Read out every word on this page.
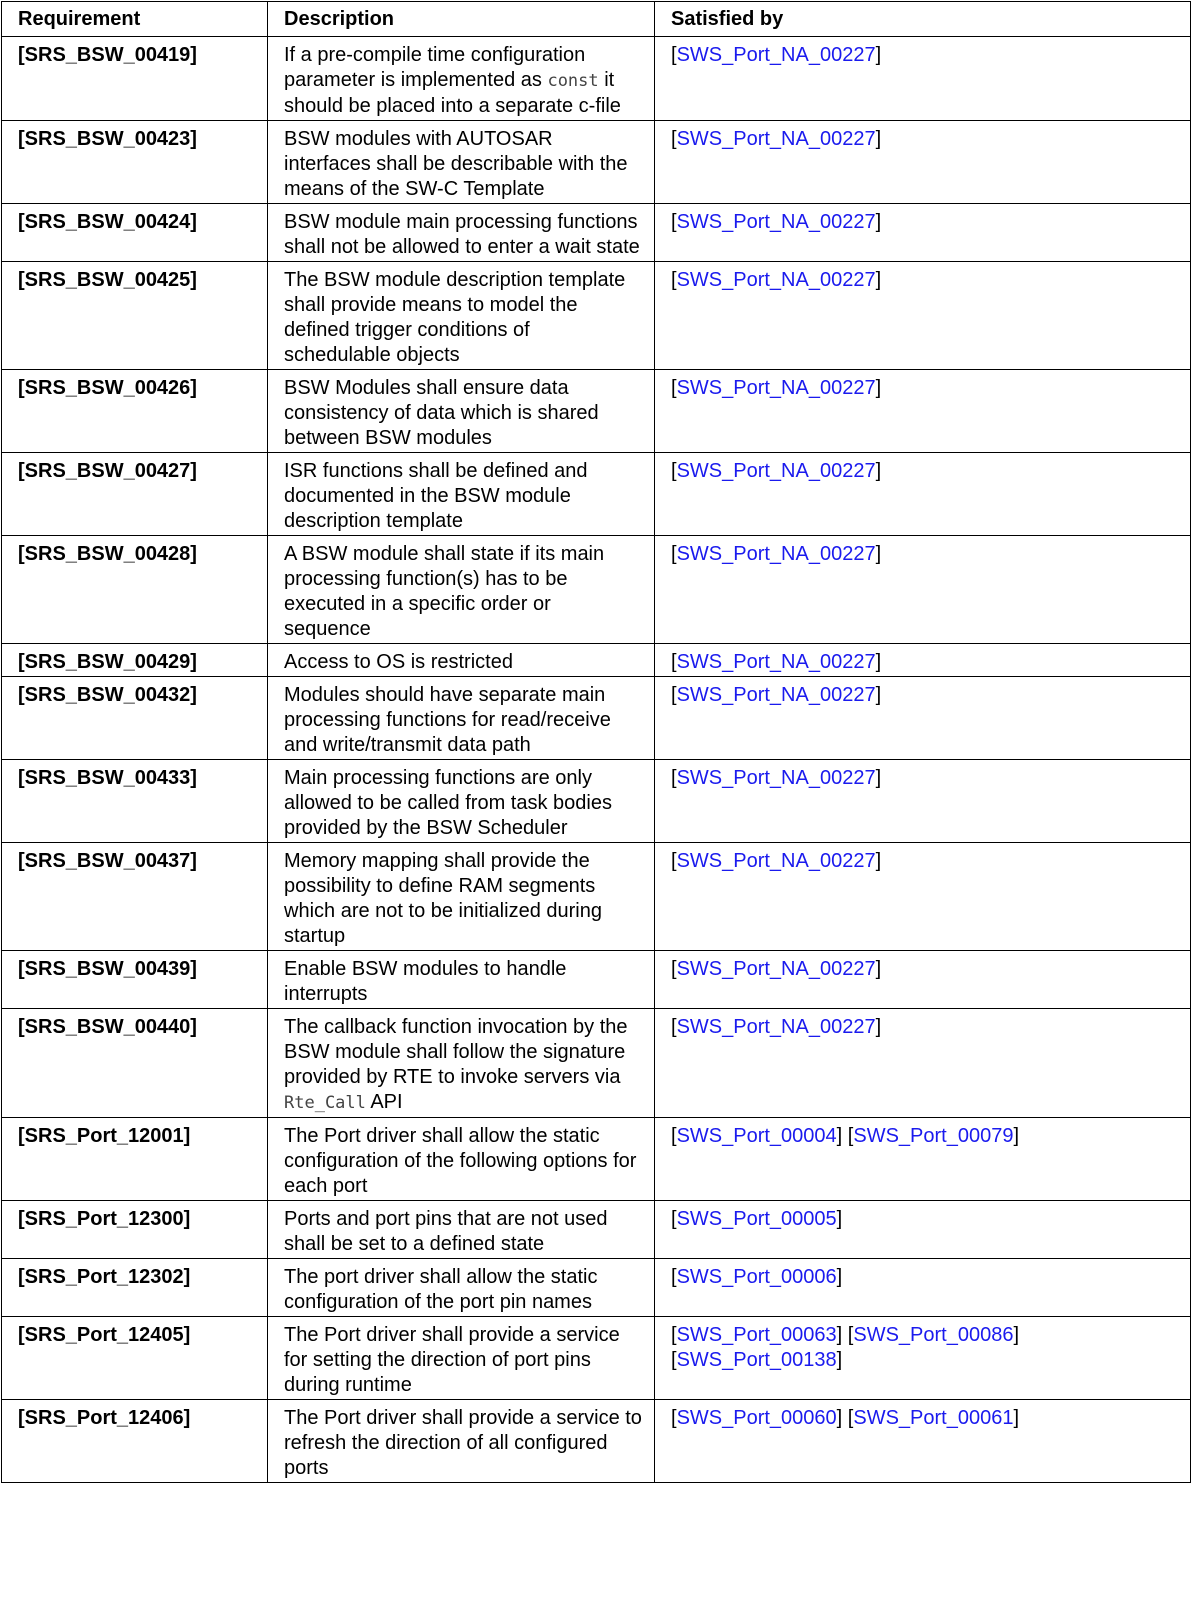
Requirement	Description	Satisfied by
[SRS_BSW_00419]	If a pre-compile time configuration parameter is implemented as const it should be placed into a separate c-file	[SWS_Port_NA_00227]
[SRS_BSW_00423]	BSW modules with AUTOSAR interfaces shall be describable with the means of the SW-C Template	[SWS_Port_NA_00227]
[SRS_BSW_00424]	BSW module main processing functions shall not be allowed to enter a wait state	[SWS_Port_NA_00227]
[SRS_BSW_00425]	The BSW module description template shall provide means to model the defined trigger conditions of schedulable objects	[SWS_Port_NA_00227]
[SRS_BSW_00426]	BSW Modules shall ensure data consistency of data which is shared between BSW modules	[SWS_Port_NA_00227]
[SRS_BSW_00427]	ISR functions shall be defined and documented in the BSW module description template	[SWS_Port_NA_00227]
[SRS_BSW_00428]	A BSW module shall state if its main processing function(s) has to be executed in a specific order or sequence	[SWS_Port_NA_00227]
[SRS_BSW_00429]	Access to OS is restricted	[SWS_Port_NA_00227]
[SRS_BSW_00432]	Modules should have separate main processing functions for read/receive and write/transmit data path	[SWS_Port_NA_00227]
[SRS_BSW_00433]	Main processing functions are only allowed to be called from task bodies provided by the BSW Scheduler	[SWS_Port_NA_00227]
[SRS_BSW_00437]	Memory mapping shall provide the possibility to define RAM segments which are not to be initialized during startup	[SWS_Port_NA_00227]
[SRS_BSW_00439]	Enable BSW modules to handle interrupts	[SWS_Port_NA_00227]
[SRS_BSW_00440]	The callback function invocation by the BSW module shall follow the signature provided by RTE to invoke servers via Rte_Call API	[SWS_Port_NA_00227]
[SRS_Port_12001]	The Port driver shall allow the static configuration of the following options for each port	[SWS_Port_00004] [SWS_Port_00079]
[SRS_Port_12300]	Ports and port pins that are not used shall be set to a defined state	[SWS_Port_00005]
[SRS_Port_12302]	The port driver shall allow the static configuration of the port pin names	[SWS_Port_00006]
[SRS_Port_12405]	The Port driver shall provide a service for setting the direction of port pins during runtime	[SWS_Port_00063] [SWS_Port_00086] [SWS_Port_00138]
[SRS_Port_12406]	The Port driver shall provide a service to refresh the direction of all configured ports	[SWS_Port_00060] [SWS_Port_00061]
